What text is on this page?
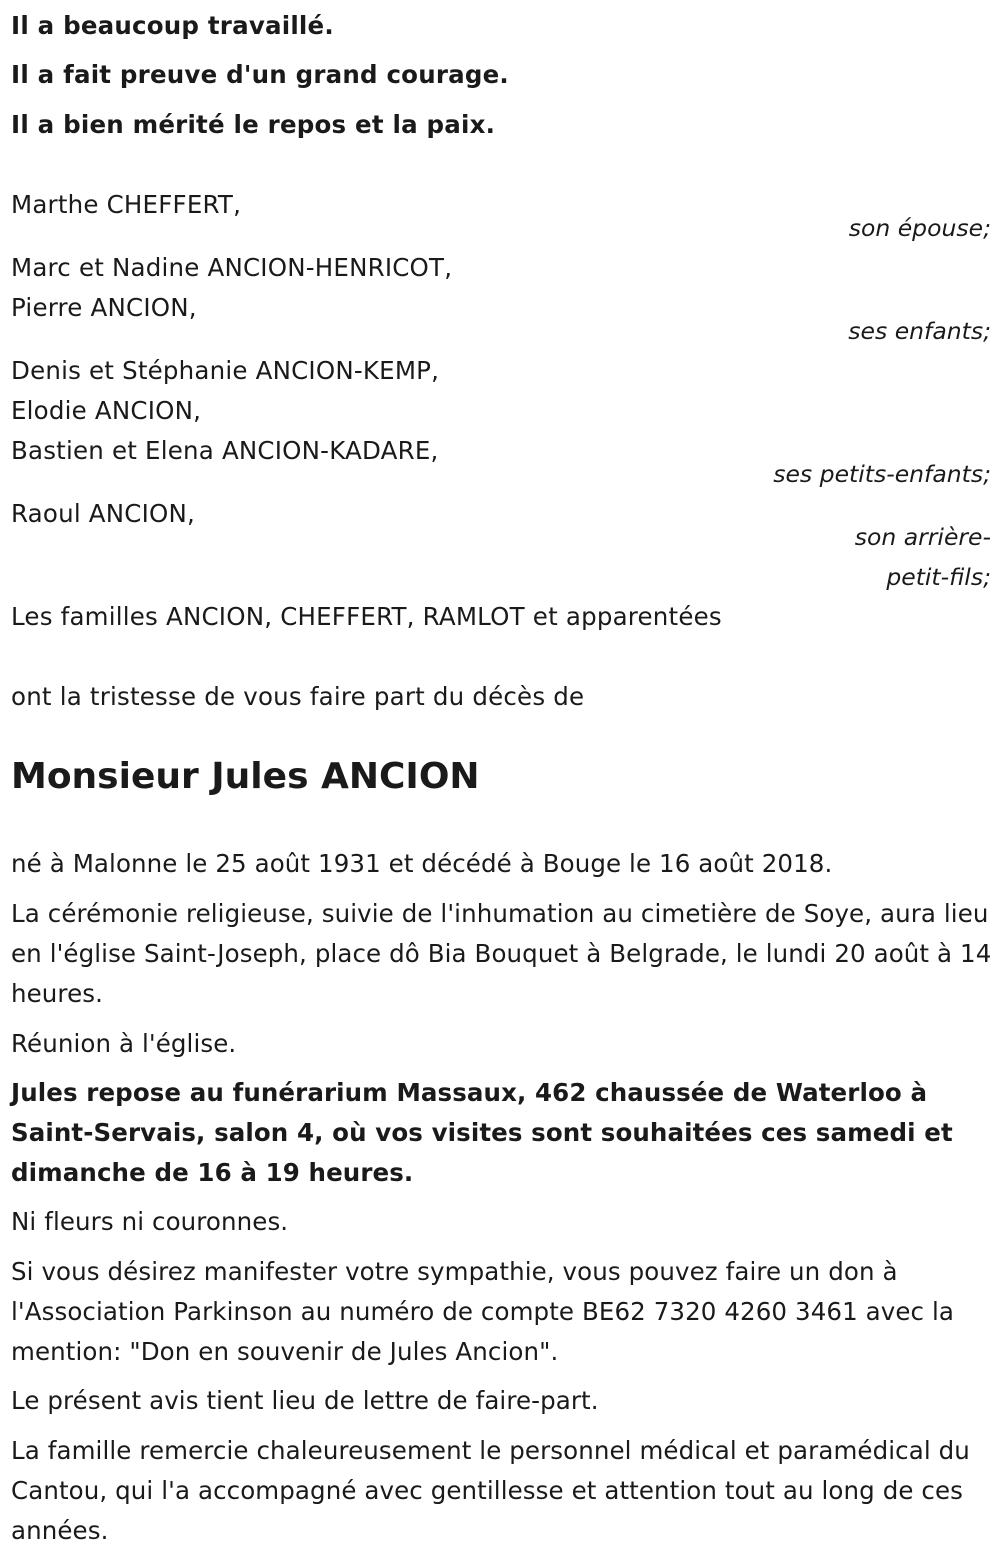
Il a beaucoup travaillé.
Il a fait preuve d'un grand courage.
Il a bien mérité le repos et la paix.
Marthe CHEFFERT,
son épouse;
Marc et Nadine ANCION-HENRICOT,
Pierre ANCION,
ses enfants;
Denis et Stéphanie ANCION-KEMP,
Elodie ANCION,
Bastien et Elena ANCION-KADARE,
ses petits-enfants;
Raoul ANCION,
son arrière-
petit-fils;
Les familles ANCION, CHEFFERT, RAMLOT et apparentées
ont la tristesse de vous faire part du décès de
Monsieur Jules ANCION
né à Malonne le 25 août 1931 et décédé à Bouge le 16 août 2018.
La cérémonie religieuse, suivie de l'inhumation au cimetière de Soye, aura lieu en l'église Saint-Joseph, place dô Bia Bouquet à Belgrade, le lundi 20 août à 14 heures.
Réunion à l'église.
Jules repose au funérarium Massaux, 462 chaussée de Waterloo à Saint-Servais, salon 4, où vos visites sont souhaitées ces samedi et dimanche de 16 à 19 heures.
Ni fleurs ni couronnes.
Si vous désirez manifester votre sympathie, vous pouvez faire un don à l'Association Parkinson au numéro de compte BE62 7320 4260 3461 avec la mention: "Don en souvenir de Jules Ancion".
Le présent avis tient lieu de lettre de faire-part.
La famille remercie chaleureusement le personnel médical et paramédical du Cantou, qui l'a accompagné avec gentillesse et attention tout au long de ces années.
